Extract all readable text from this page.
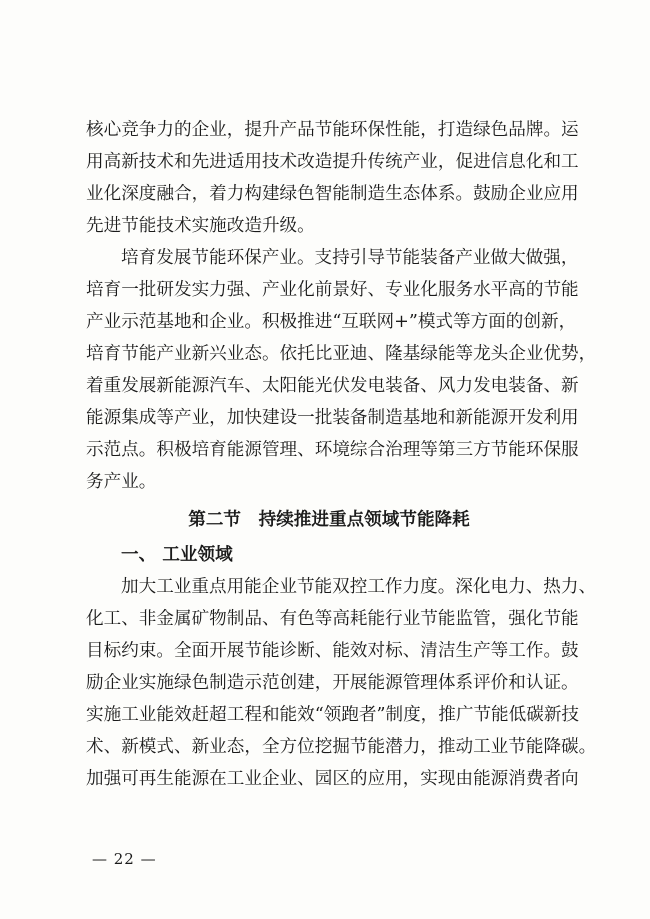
核心竞争力的企业，提升产品节能环保性能，打造绿色品牌。运
用高新技术和先进适用技术改造提升传统产业，促进信息化和工
业化深度融合，着力构建绿色智能制造生态体系。鼓励企业应用
先进节能技术实施改造升级。
培育发展节能环保产业。支持引导节能装备产业做大做强，
培育一批研发实力强、产业化前景好、专业化服务水平高的节能
产业示范基地和企业。积极推进“互联网+”模式等方面的创新，
培育节能产业新兴业态。依托比亚迪、隆基绿能等龙头企业优势，
着重发展新能源汽车、太阳能光伏发电装备、风力发电装备、新
能源集成等产业，加快建设一批装备制造基地和新能源开发利用
示范点。积极培育能源管理、环境综合治理等第三方节能环保服
务产业。
第二节　持续推进重点领域节能降耗
一、 工业领域
加大工业重点用能企业节能双控工作力度。深化电力、热力、
化工、非金属矿物制品、有色等高耗能行业节能监管，强化节能
目标约束。全面开展节能诊断、能效对标、清洁生产等工作。鼓
励企业实施绿色制造示范创建，开展能源管理体系评价和认证。
实施工业能效赶超工程和能效“领跑者”制度，推广节能低碳新技
术、新模式、新业态，全方位挖掘节能潜力，推动工业节能降碳。
加强可再生能源在工业企业、园区的应用，实现由能源消费者向
— 22 —
